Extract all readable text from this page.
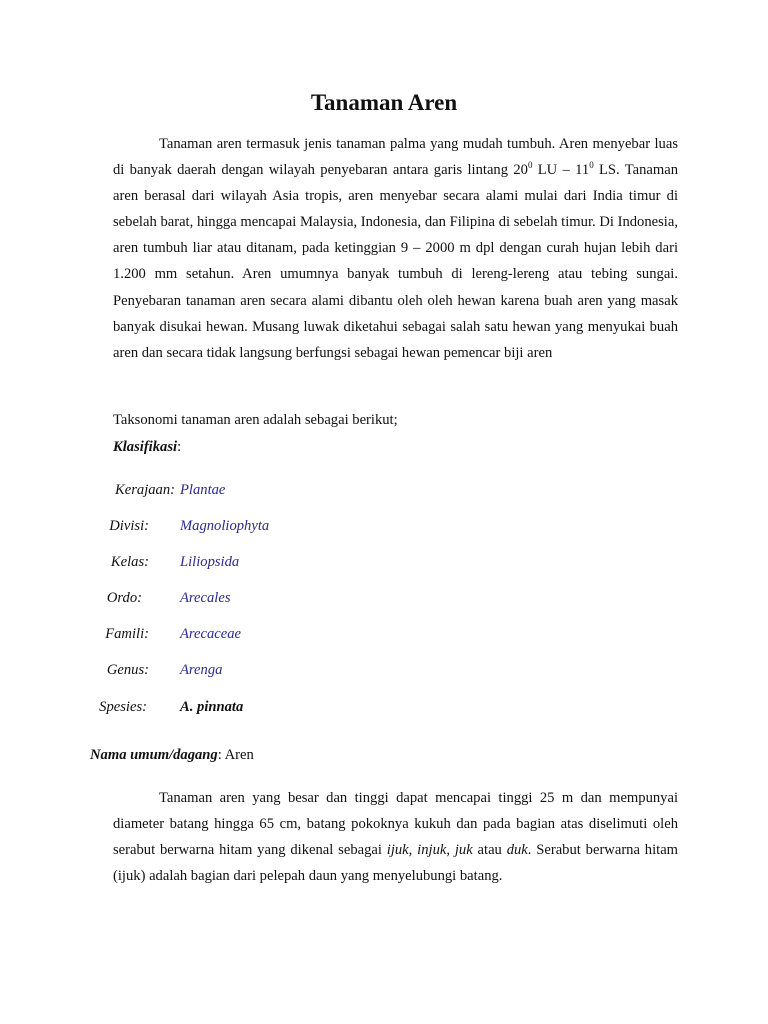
Tanaman Aren

Tanaman aren termasuk jenis tanaman palma yang mudah tumbuh. Aren menyebar luas di banyak daerah dengan wilayah penyebaran antara garis lintang $20^0$ LU – $11^0$ LS. Tanaman aren berasal dari wilayah Asia tropis, aren menyebar secara alami mulai dari India timur di sebelah barat, hingga mencapai Malaysia, Indonesia, dan Filipina di sebelah timur. Di Indonesia, aren tumbuh liar atau ditanam, pada ketinggian 9 – 2000 m dpl dengan curah hujan lebih dari 1.200 mm setahun. Aren umumnya banyak tumbuh di lereng-lereng atau tebing sungai. Penyebaran tanaman aren secara alami dibantu oleh oleh hewan karena buah aren yang masak banyak disukai hewan. Musang luwak diketahui sebagai salah satu hewan yang menyukai buah aren dan secara tidak langsung berfungsi sebagai hewan pemencar biji aren

Taksonomi tanaman aren adalah sebagai berikut;

Klasifikasi:

Kerajaan: Plantae
Divisi: Magnoliophyta
Kelas: Liliopsida
Ordo:	Arecales
Famili: Arecaceae
Genus: Arenga
Spesies: A. pinnata

Nama umum/dagang: Aren

Tanaman aren yang besar dan tinggi dapat mencapai tinggi 25 m dan mempunyai diameter batang hingga 65 cm, batang pokoknya kukuh dan pada bagian atas diselimuti oleh serabut berwarna hitam yang dikenal sebagai ijuk, injuk, juk atau duk. Serabut berwarna hitam (ijuk) adalah bagian dari pelepah daun yang menyelubungi batang.
